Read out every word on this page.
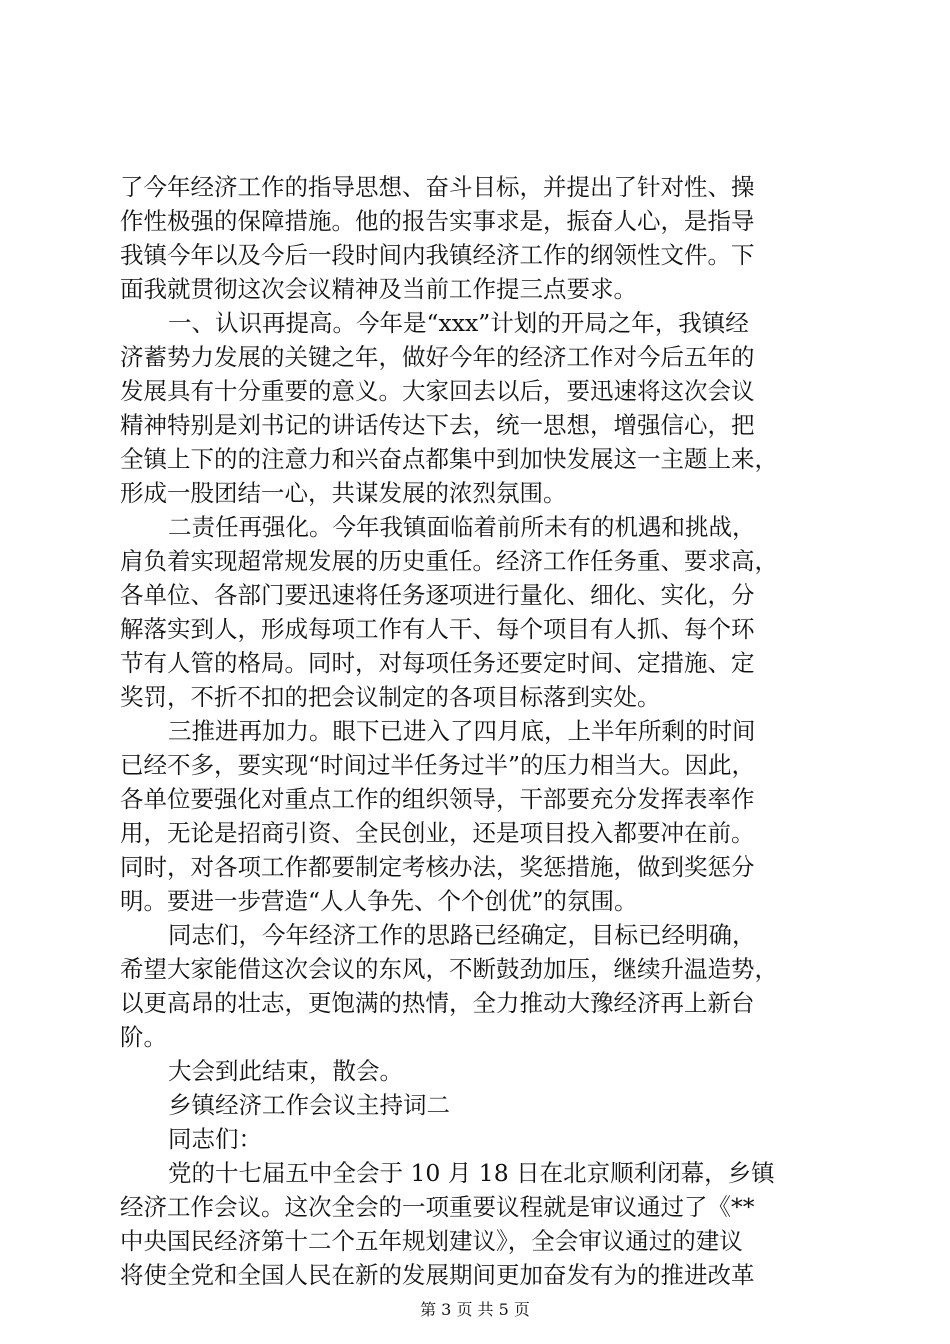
了今年经济工作的指导思想、奋斗目标，并提出了针对性、操
作性极强的保障措施。他的报告实事求是，振奋人心，是指导
我镇今年以及今后一段时间内我镇经济工作的纲领性文件。下
面我就贯彻这次会议精神及当前工作提三点要求。
一、认识再提高。今年是“xxx”计划的开局之年，我镇经
济蓄势力发展的关键之年，做好今年的经济工作对今后五年的
发展具有十分重要的意义。大家回去以后，要迅速将这次会议
精神特别是刘书记的讲话传达下去，统一思想，增强信心，把
全镇上下的的注意力和兴奋点都集中到加快发展这一主题上来，
形成一股团结一心，共谋发展的浓烈氛围。
二责任再强化。今年我镇面临着前所未有的机遇和挑战，
肩负着实现超常规发展的历史重任。经济工作任务重、要求高，
各单位、各部门要迅速将任务逐项进行量化、细化、实化，分
解落实到人，形成每项工作有人干、每个项目有人抓、每个环
节有人管的格局。同时，对每项任务还要定时间、定措施、定
奖罚，不折不扣的把会议制定的各项目标落到实处。
三推进再加力。眼下已进入了四月底，上半年所剩的时间
已经不多，要实现“时间过半任务过半”的压力相当大。因此，
各单位要强化对重点工作的组织领导，干部要充分发挥表率作
用，无论是招商引资、全民创业，还是项目投入都要冲在前。
同时，对各项工作都要制定考核办法，奖惩措施，做到奖惩分
明。要进一步营造“人人争先、个个创优”的氛围。
同志们，今年经济工作的思路已经确定，目标已经明确，
希望大家能借这次会议的东风，不断鼓劲加压，继续升温造势，
以更高昂的壮志，更饱满的热情，全力推动大豫经济再上新台
阶。
大会到此结束，散会。
乡镇经济工作会议主持词二
同志们：
党的十七届五中全会于 10 月 18 日在北京顺利闭幕，乡镇
经济工作会议。这次全会的一项重要议程就是审议通过了《**
中央国民经济第十二个五年规划建议》，全会审议通过的建议
将使全党和全国人民在新的发展期间更加奋发有为的推进改革
第 3 页 共 5 页
